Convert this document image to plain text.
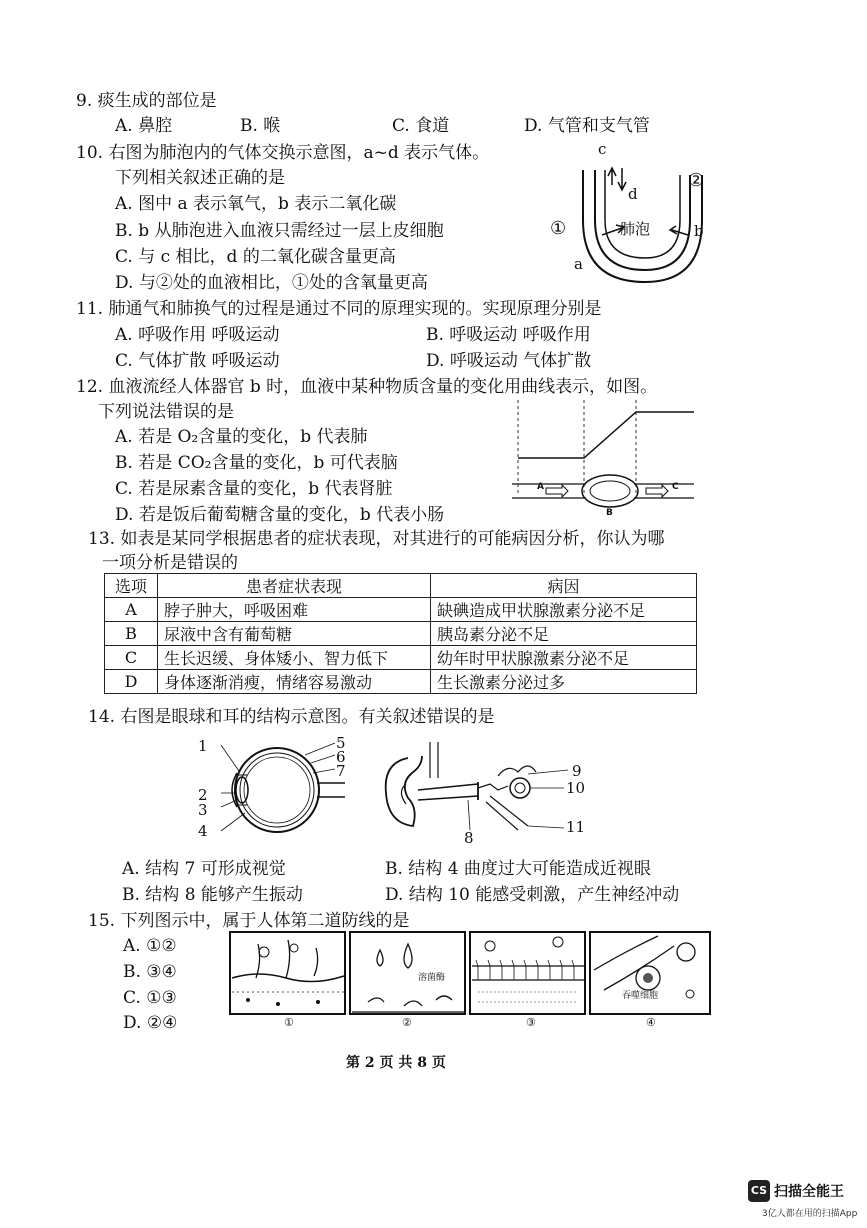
9. 痰生成的部位是
A. 鼻腔	B. 喉	C. 食道	D. 气管和支气管
10. 右图为肺泡内的气体交换示意图，a~d 表示气体。
下列相关叙述正确的是
A. 图中 a 表示氧气，b 表示二氧化碳
B. b 从肺泡进入血液只需经过一层上皮细胞
C. 与 c 相比，d 的二氧化碳含量更高
D. 与②处的血液相比，①处的含氧量更高
c
d
②
①	肺泡	b
a
11. 肺通气和肺换气的过程是通过不同的原理实现的。实现原理分别是
A. 呼吸作用 呼吸运动	B. 呼吸运动 呼吸作用
C. 气体扩散 呼吸运动	D. 呼吸运动 气体扩散
12. 血液流经人体器官 b 时，血液中某种物质含量的变化用曲线表示，如图。
下列说法错误的是
A. 若是 O₂含量的变化，b 代表肺
B. 若是 CO₂含量的变化，b 可代表脑
C. 若是尿素含量的变化，b 代表肾脏
D. 若是饭后葡萄糖含量的变化，b 代表小肠
A
B
C
13. 如表是某同学根据患者的症状表现，对其进行的可能病因分析，你认为哪
一项分析是错误的
选项	患者症状表现	病因
A	脖子肿大，呼吸困难	缺碘造成甲状腺激素分泌不足
B	尿液中含有葡萄糖	胰岛素分泌不足
C	生长迟缓、身体矮小、智力低下	幼年时甲状腺激素分泌不足
D	身体逐渐消瘦，情绪容易激动	生长激素分泌过多
14. 右图是眼球和耳的结构示意图。有关叙述错误的是
1
2
3
4
5
6
7
8
9
10
11
A. 结构 7 可形成视觉	B. 结构 4 曲度过大可能造成近视眼
B. 结构 8 能够产生振动	D. 结构 10 能感受刺激，产生神经冲动
15. 下列图示中，属于人体第二道防线的是
A. ①②
B. ③④
C. ①③
D. ②④
溶菌酶
吞噬细胞
①	②	③	④
第 2 页 共 8 页
CS 扫描全能王
3亿人都在用的扫描App
